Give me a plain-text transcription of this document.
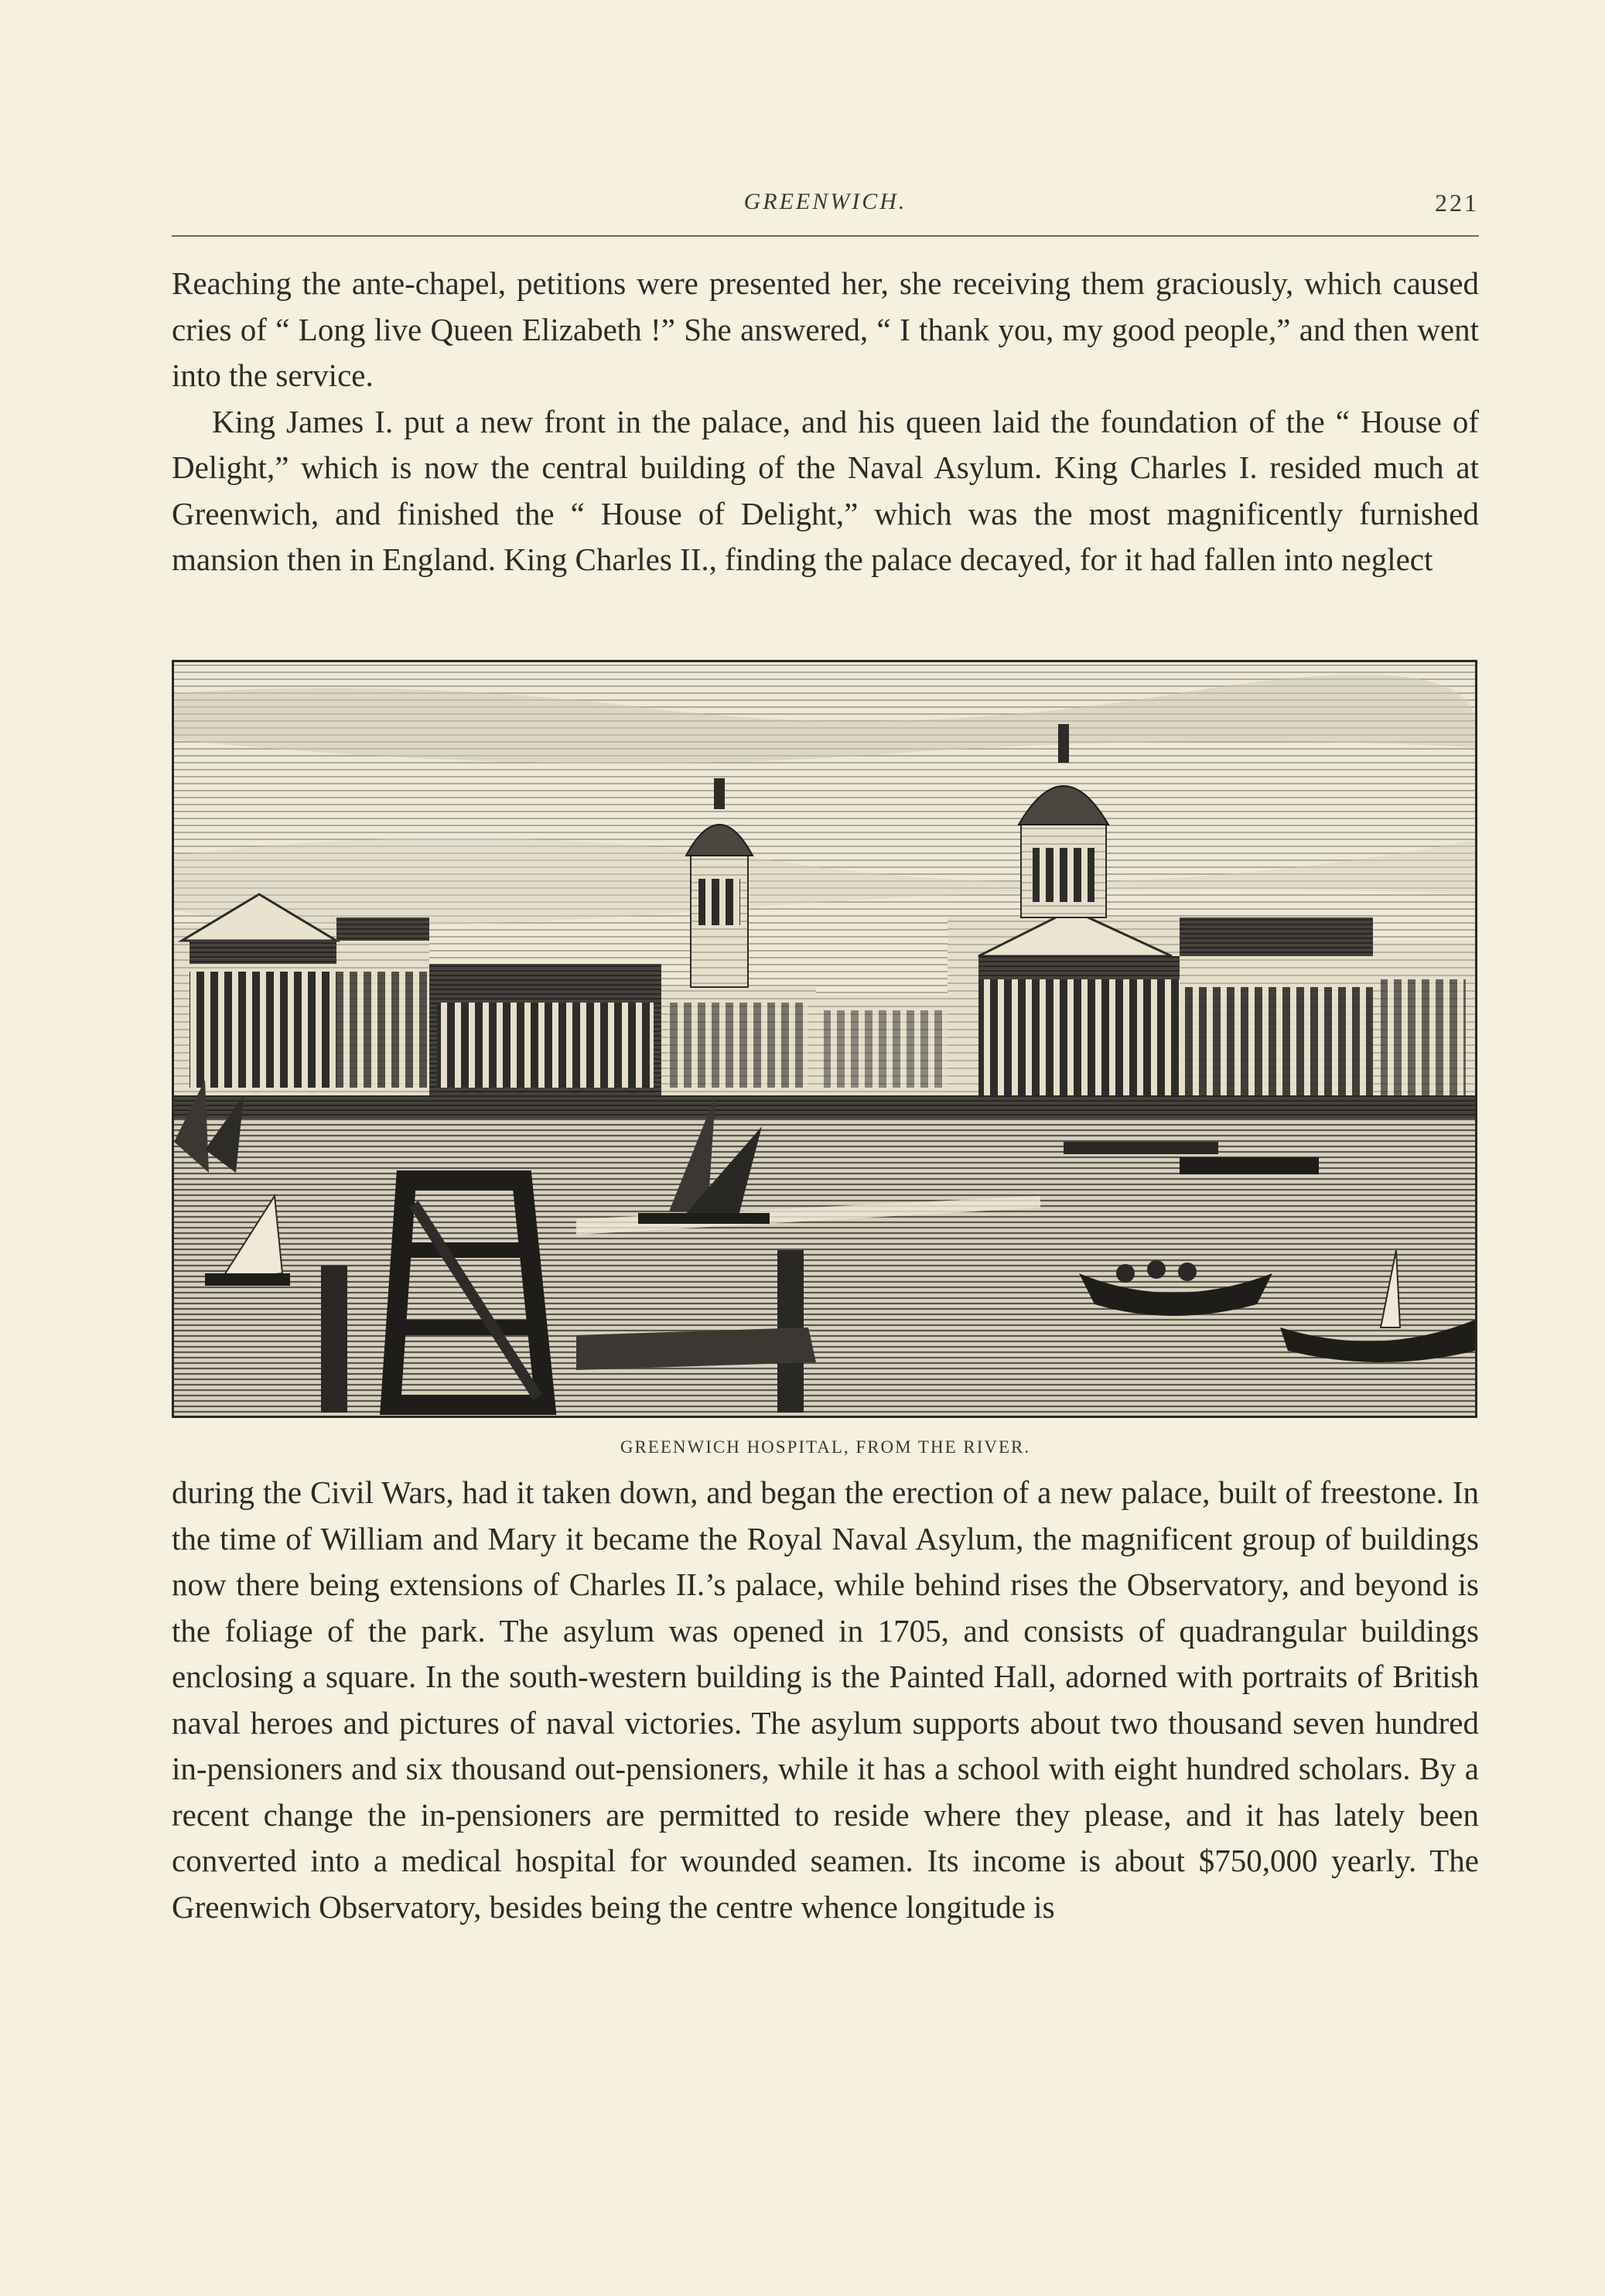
GREENWICH.	221

Reaching the ante-chapel, petitions were presented her, she receiving them graciously, which caused cries of “ Long live Queen Elizabeth !” She answered, “ I thank you, my good people,” and then went into the service.

King James I. put a new front in the palace, and his queen laid the foundation of the “ House of Delight,” which is now the central building of the Naval Asylum. King Charles I. resided much at Greenwich, and finished the “ House of Delight,” which was the most magnificently furnished mansion then in England. King Charles II., finding the palace decayed, for it had fallen into neglect

GREENWICH HOSPITAL, FROM THE RIVER.

during the Civil Wars, had it taken down, and began the erection of a new palace, built of freestone. In the time of William and Mary it became the Royal Naval Asylum, the magnificent group of buildings now there being extensions of Charles II.’s palace, while behind rises the Observatory, and beyond is the foliage of the park. The asylum was opened in 1705, and consists of quadrangular buildings enclosing a square. In the south-western building is the Painted Hall, adorned with portraits of British naval heroes and pictures of naval victories. The asylum supports about two thousand seven hundred in-pensioners and six thousand out-pensioners, while it has a school with eight hundred scholars. By a recent change the in-pensioners are permitted to reside where they please, and it has lately been converted into a medical hospital for wounded seamen. Its income is about $750,000 yearly. The Greenwich Observatory, besides being the centre whence longitude is
